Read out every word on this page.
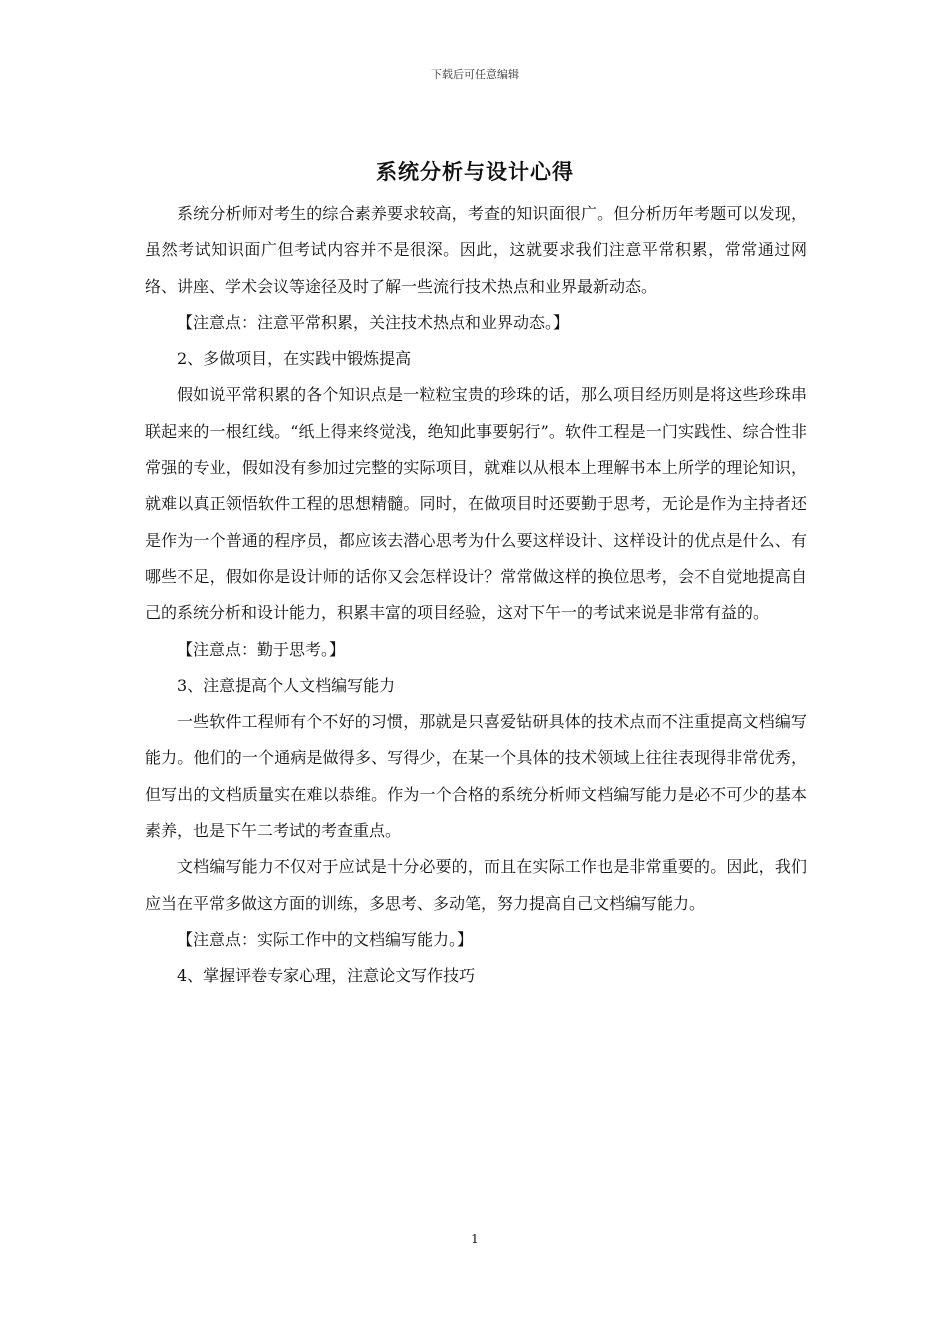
下载后可任意编辑
系统分析与设计心得

系统分析师对考生的综合素养要求较高，考查的知识面很广。但分析历年考题可以发现，虽然考试知识面广但考试内容并不是很深。因此，这就要求我们注意平常积累，常常通过网络、讲座、学术会议等途径及时了解一些流行技术热点和业界最新动态。

【注意点：注意平常积累，关注技术热点和业界动态。】

2、多做项目，在实践中锻炼提高

假如说平常积累的各个知识点是一粒粒宝贵的珍珠的话，那么项目经历则是将这些珍珠串联起来的一根红线。“纸上得来终觉浅，绝知此事要躬行”。软件工程是一门实践性、综合性非常强的专业，假如没有参加过完整的实际项目，就难以从根本上理解书本上所学的理论知识，就难以真正领悟软件工程的思想精髓。同时，在做项目时还要勤于思考，无论是作为主持者还是作为一个普通的程序员，都应该去潜心思考为什么要这样设计、这样设计的优点是什么、有哪些不足，假如你是设计师的话你又会怎样设计？常常做这样的换位思考，会不自觉地提高自己的系统分析和设计能力，积累丰富的项目经验，这对下午一的考试来说是非常有益的。

【注意点：勤于思考。】

3、注意提高个人文档编写能力

一些软件工程师有个不好的习惯，那就是只喜爱钻研具体的技术点而不注重提高文档编写能力。他们的一个通病是做得多、写得少，在某一个具体的技术领域上往往表现得非常优秀，但写出的文档质量实在难以恭维。作为一个合格的系统分析师文档编写能力是必不可少的基本素养，也是下午二考试的考查重点。

文档编写能力不仅对于应试是十分必要的，而且在实际工作也是非常重要的。因此，我们应当在平常多做这方面的训练，多思考、多动笔，努力提高自己文档编写能力。

【注意点：实际工作中的文档编写能力。】

4、掌握评卷专家心理，注意论文写作技巧

1
